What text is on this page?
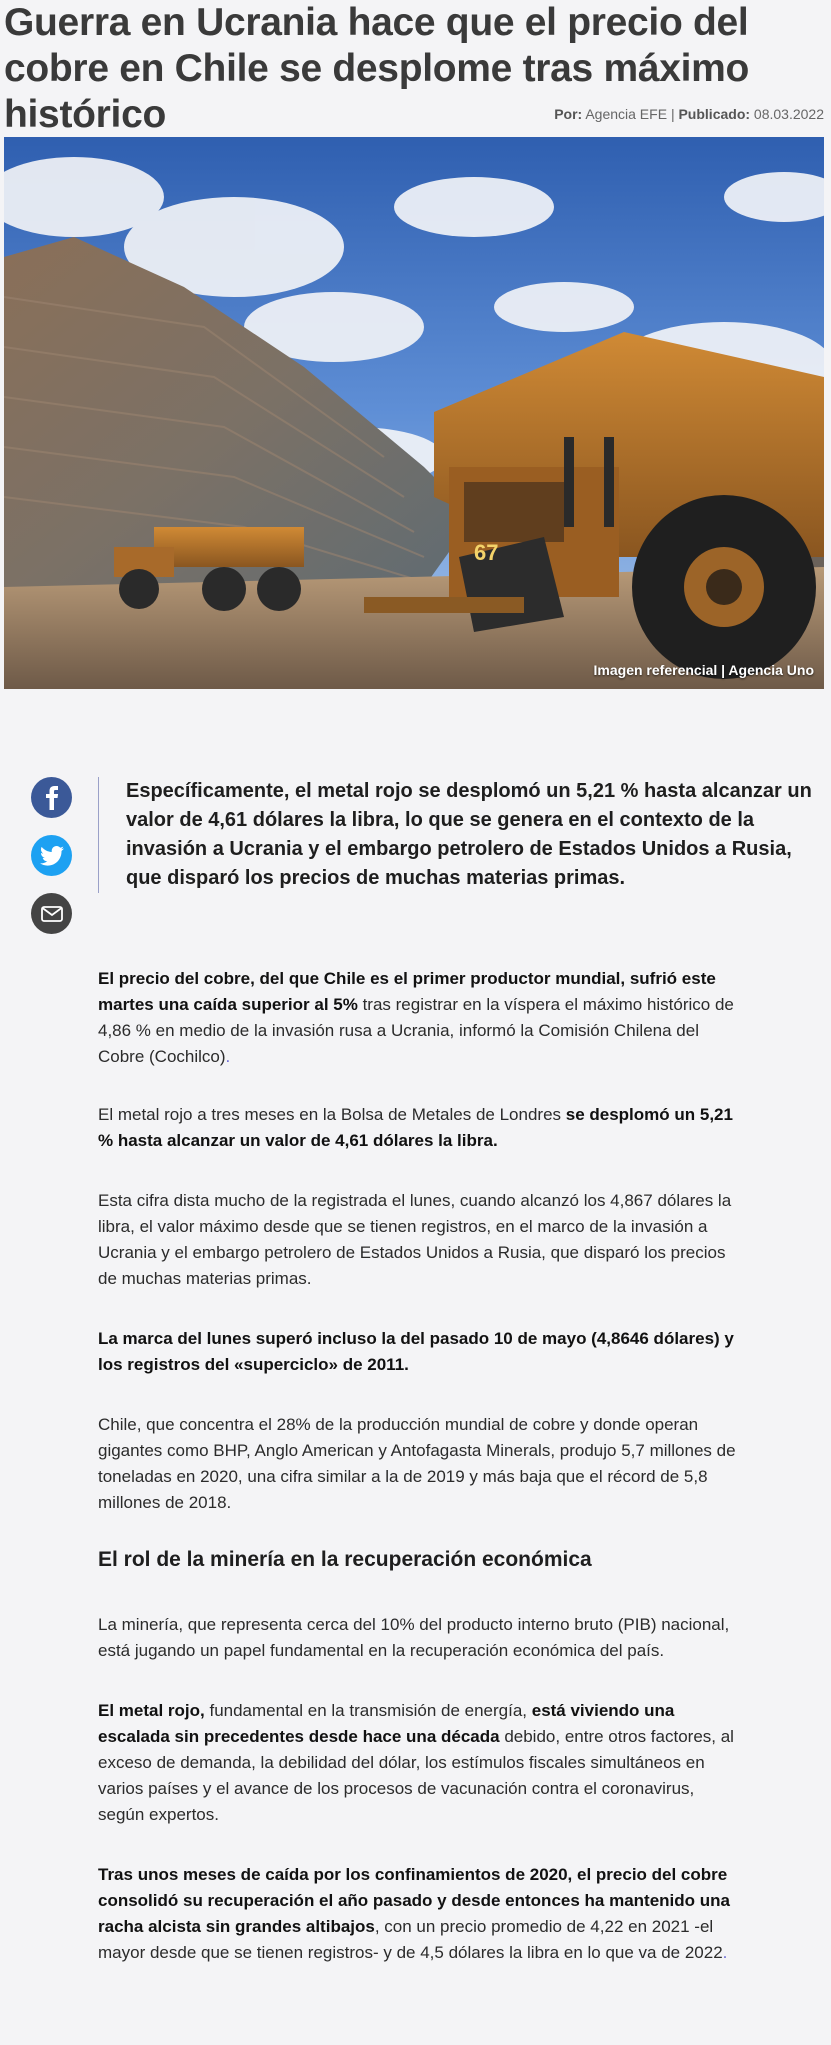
Guerra en Ucrania hace que el precio del cobre en Chile se desplome tras máximo histórico	Por: Agencia EFE | Publicado: 08.03.2022
67
Imagen referencial | Agencia Uno
Específicamente, el metal rojo se desplomó un 5,21 % hasta alcanzar un valor de 4,61 dólares la libra, lo que se genera en el contexto de la invasión a Ucrania y el embargo petrolero de Estados Unidos a Rusia, que disparó los precios de muchas materias primas.

El precio del cobre, del que Chile es el primer productor mundial, sufrió este martes una caída superior al 5% tras registrar en la víspera el máximo histórico de 4,86 % en medio de la invasión rusa a Ucrania, informó la Comisión Chilena del Cobre (Cochilco).

El metal rojo a tres meses en la Bolsa de Metales de Londres se desplomó un 5,21 % hasta alcanzar un valor de 4,61 dólares la libra.

Esta cifra dista mucho de la registrada el lunes, cuando alcanzó los 4,867 dólares la libra, el valor máximo desde que se tienen registros, en el marco de la invasión a Ucrania y el embargo petrolero de Estados Unidos a Rusia, que disparó los precios de muchas materias primas.

La marca del lunes superó incluso la del pasado 10 de mayo (4,8646 dólares) y los registros del «superciclo» de 2011.

Chile, que concentra el 28% de la producción mundial de cobre y donde operan gigantes como BHP, Anglo American y Antofagasta Minerals, produjo 5,7 millones de toneladas en 2020, una cifra similar a la de 2019 y más baja que el récord de 5,8 millones de 2018.

El rol de la minería en la recuperación económica

La minería, que representa cerca del 10% del producto interno bruto (PIB) nacional, está jugando un papel fundamental en la recuperación económica del país.

El metal rojo, fundamental en la transmisión de energía, está viviendo una escalada sin precedentes desde hace una década debido, entre otros factores, al exceso de demanda, la debilidad del dólar, los estímulos fiscales simultáneos en varios países y el avance de los procesos de vacunación contra el coronavirus, según expertos.

Tras unos meses de caída por los confinamientos de 2020, el precio del cobre consolidó su recuperación el año pasado y desde entonces ha mantenido una racha alcista sin grandes altibajos, con un precio promedio de 4,22 en 2021 -el mayor desde que se tienen registros- y de 4,5 dólares la libra en lo que va de 2022.
